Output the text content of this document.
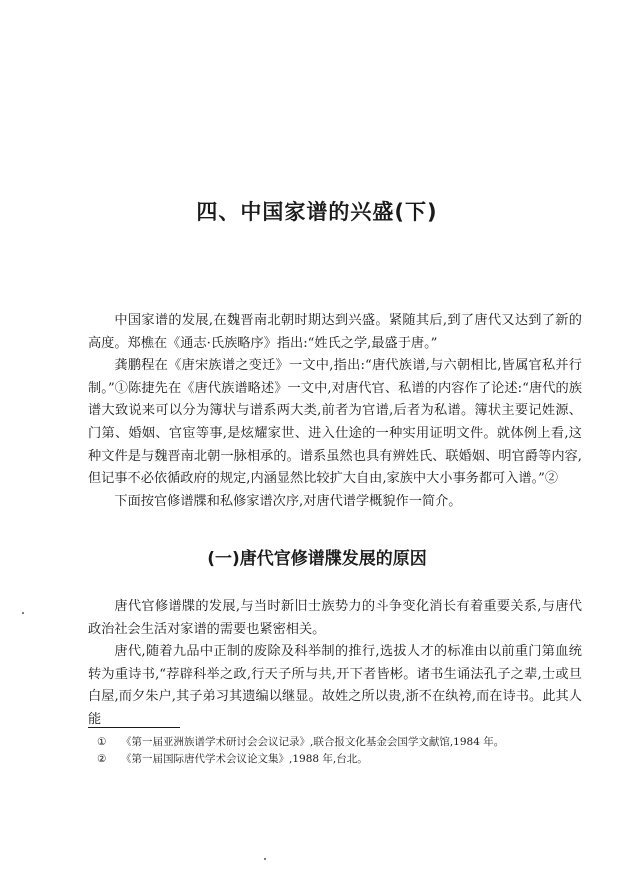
四、中国家谱的兴盛(下)

中国家谱的发展,在魏晋南北朝时期达到兴盛。紧随其后,到了唐代又达到了新的高度。郑樵在《通志·氏族略序》指出:“姓氏之学,最盛于唐。”

龚鹏程在《唐宋族谱之变迁》一文中,指出:“唐代族谱,与六朝相比,皆属官私并行制。”①陈捷先在《唐代族谱略述》一文中,对唐代官、私谱的内容作了论述:“唐代的族谱大致说来可以分为簿状与谱系两大类,前者为官谱,后者为私谱。簿状主要记姓源、门第、婚姻、官宦等事,是炫耀家世、进入仕途的一种实用证明文件。就体例上看,这种文件是与魏晋南北朝一脉相承的。谱系虽然也具有辨姓氏、联婚姻、明官爵等内容,但记事不必依循政府的规定,内涵显然比较扩大自由,家族中大小事务都可入谱。”②

下面按官修谱牒和私修家谱次序,对唐代谱学概貌作一简介。

(一)唐代官修谱牒发展的原因

唐代官修谱牒的发展,与当时新旧士族势力的斗争变化消长有着重要关系,与唐代政治社会生活对家谱的需要也紧密相关。

唐代,随着九品中正制的废除及科举制的推行,选拔人才的标准由以前重门第血统转为重诗书,“荐辟科举之政,行天子所与共,开下者皆彬。诸书生诵法孔子之辈,士或旦白屋,而夕朱户,其子弟习其遗编以继显。故姓之所以贵,浙不在纨袴,而在诗书。此其人能

① 《第一届亚洲族谱学术研讨会会议记录》,联合报文化基金会国学文献馆,1984 年。
② 《第一届国际唐代学术会议论文集》,1988 年,台北。
